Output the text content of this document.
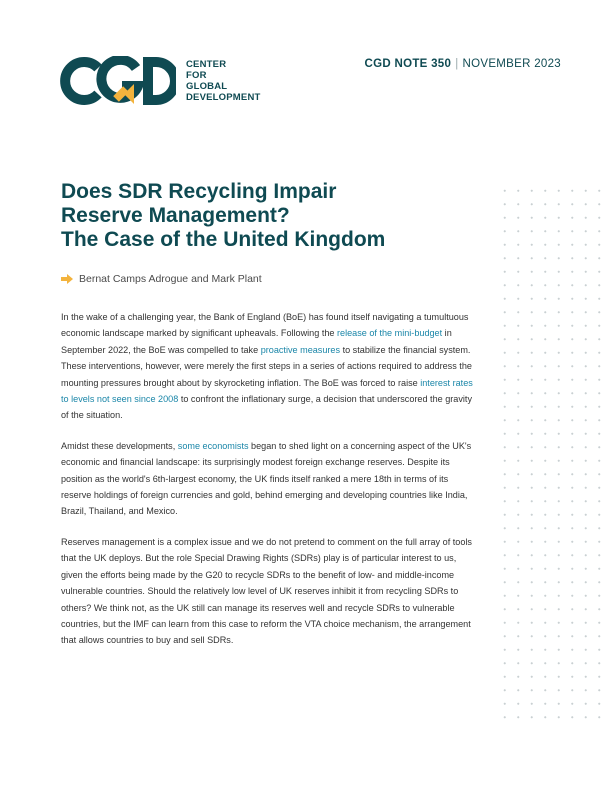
CENTER
FOR
GLOBAL
DEVELOPMENT
CGD NOTE 350 | NOVEMBER 2023
Does SDR Recycling Impair
Reserve Management?
The Case of the United Kingdom
Bernat Camps Adrogue and Mark Plant

In the wake of a challenging year, the Bank of England (BoE) has found itself navigating a tumultuous economic landscape marked by significant upheavals. Following the release of the mini-budget in September 2022, the BoE was compelled to take proactive measures to stabilize the financial system. These interventions, however, were merely the first steps in a series of actions required to address the mounting pressures brought about by skyrocketing inflation. The BoE was forced to raise interest rates to levels not seen since 2008 to confront the inflationary surge, a decision that underscored the gravity of the situation.

Amidst these developments, some economists began to shed light on a concerning aspect of the UK's economic and financial landscape: its surprisingly modest foreign exchange reserves. Despite its position as the world's 6th-largest economy, the UK finds itself ranked a mere 18th in terms of its reserve holdings of foreign currencies and gold, behind emerging and developing countries like India, Brazil, Thailand, and Mexico.

Reserves management is a complex issue and we do not pretend to comment on the full array of tools that the UK deploys. But the role Special Drawing Rights (SDRs) play is of particular interest to us, given the efforts being made by the G20 to recycle SDRs to the benefit of low- and middle-income vulnerable countries. Should the relatively low level of UK reserves inhibit it from recycling SDRs to others? We think not, as the UK still can manage its reserves well and recycle SDRs to vulnerable countries, but the IMF can learn from this case to reform the VTA choice mechanism, the arrangement that allows countries to buy and sell SDRs.
